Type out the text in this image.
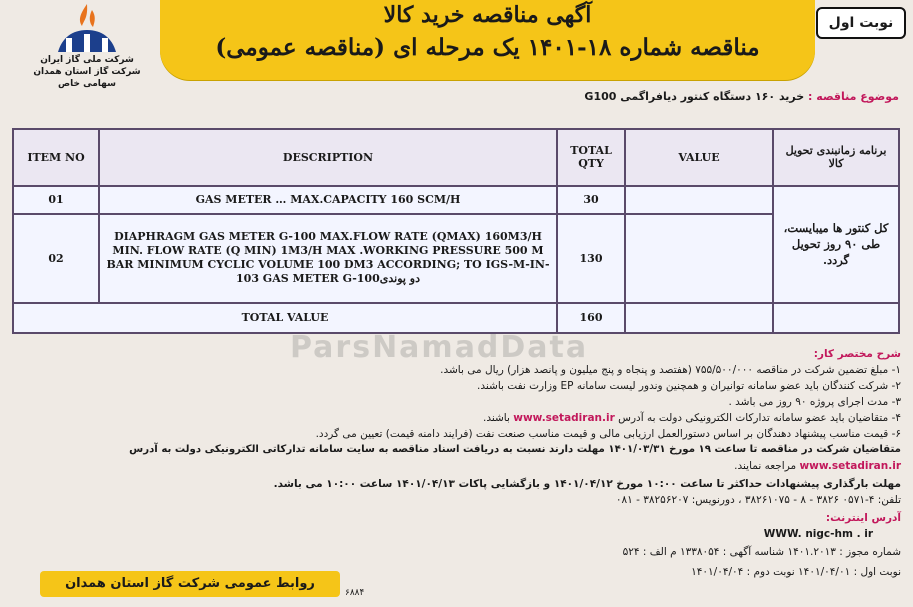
آگهی مناقصه خرید کالا
مناقصه شماره ۱۸-۱۴۰۱ یک مرحله ای (مناقصه عمومی)
نوبت اول
شرکت ملی گاز ایران
شرکت گاز استان همدان
سهامی خاص
موضوع مناقصه : خرید ۱۶۰ دستگاه کنتور دیافراگمی G100
ITEM NO	DESCRIPTION	TOTAL QTY	VALUE	برنامه زمانبندی تحویل کالا
01	GAS METER … MAX.CAPACITY 160 SCM/H	30		کل کنتور ها میبایست، طی ۹۰ روز تحویل گردد.
02	DIAPHRAGM GAS METER G-100 MAX.FLOW RATE (QMAX) 160M3/H MIN. FLOW RATE (Q MIN) 1M3/H MAX .WORKING PRESSURE 500 M BAR MINIMUM CYCLIC VOLUME 100 DM3 ACCORDING; TO IGS-M-IN-103 GAS METER G-100دو پوندی	130		
TOTAL VALUE		160		
ParsNamadData	شرح مختصر کار:
۱- مبلغ تضمین شرکت در مناقصه ۷۵۵/۵۰۰/۰۰۰ (هفتصد و پنجاه و پنج میلیون و پانصد هزار) ریال می باشد.
۲- شرکت کنندگان باید عضو سامانه توانیران و همچنین وندور لیست سامانه EP وزارت نفت باشند.
۳- مدت اجرای پروژه ۹۰ روز می باشد .
۴- متقاضیان باید عضو سامانه تدارکات الکترونیکی دولت به آدرس www.setadiran.ir باشند.
۶- قیمت مناسب پیشنهاد دهندگان بر اساس دستورالعمل ارزیابی مالی و قیمت مناسب صنعت نفت (فرایند دامنه قیمت) تعیین می گردد.
متقاضیان شرکت در مناقصه تا ساعت ۱۹ مورخ ۱۴۰۱/۰۳/۳۱ مهلت دارند نسبت به دریافت اسناد مناقصه به سایت سامانه تدارکاتی الکترونیکی دولت به آدرس
www.setadiran.ir مراجعه نمایند.
مهلت بارگذاری پیشنهادات حداکثر تا ساعت ۱۰:۰۰ مورخ ۱۴۰۱/۰۴/۱۲ و بازگشایی پاکات ۱۴۰۱/۰۴/۱۳ ساعت ۱۰:۰۰ می باشد.
تلفن: ۴-۰۵۷۱ ۳۸۲۶ - ۸ - ۳۸۲۶۱۰۷۵ ، دورنویس: ۳۸۲۵۶۲۰۷ - ۰۸۱
آدرس اینترنت:
WWW. nigc-hm . ir
شماره مجوز : ۱۴۰۱.۲۰۱۳ شناسه آگهی : ۱۳۳۸۰۵۴ م الف : ۵۲۴
نوبت اول : ۱۴۰۱/۰۴/۰۱ نوبت دوم : ۱۴۰۱/۰۴/۰۴
روابط عمومی شرکت گاز استان همدان
۶۸۸۴
